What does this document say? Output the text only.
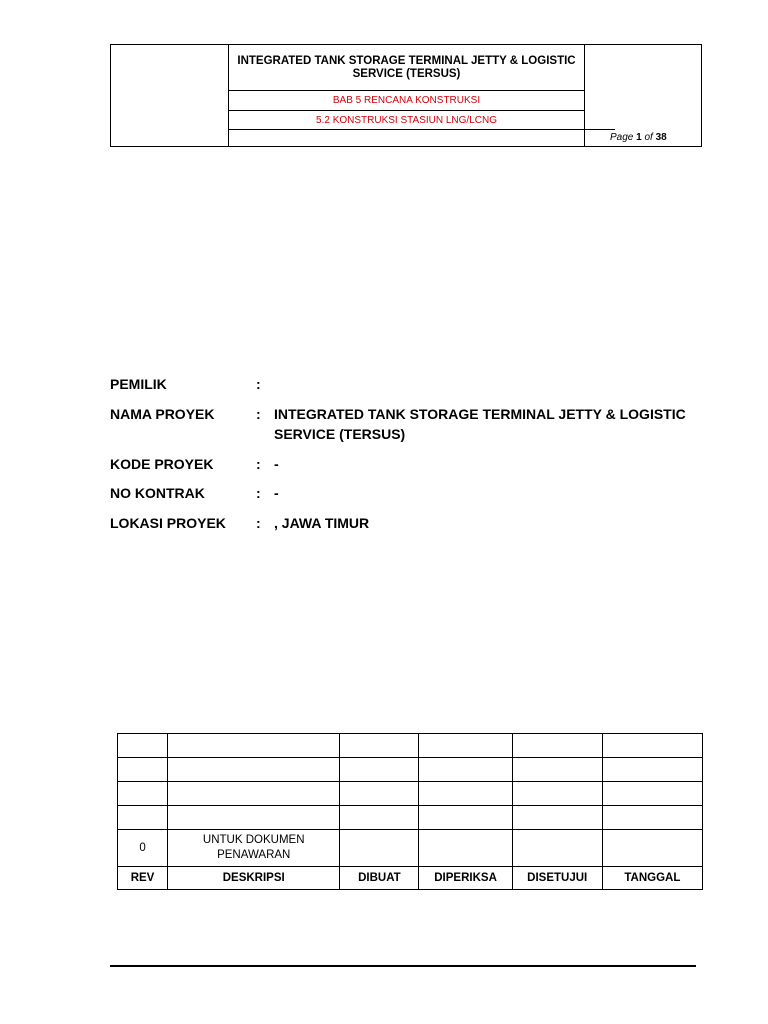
INTEGRATED TANK STORAGE TERMINAL JETTY & LOGISTIC SERVICE (TERSUS)
BAB 5 RENCANA KONSTRUKSI
5.2 KONSTRUKSI STASIUN LNG/LCNG
Page 1 of 38
PEMILIK	:
NAMA PROYEK	: INTEGRATED TANK STORAGE TERMINAL JETTY & LOGISTIC SERVICE (TERSUS)
KODE PROYEK	: -
NO KONTRAK	: -
LOKASI PROYEK : , JAWA TIMUR

0	UNTUK DOKUMEN PENAWARAN				
REV	DESKRIPSI	DIBUAT	DIPERIKSA	DISETUJUI	TANGGAL
